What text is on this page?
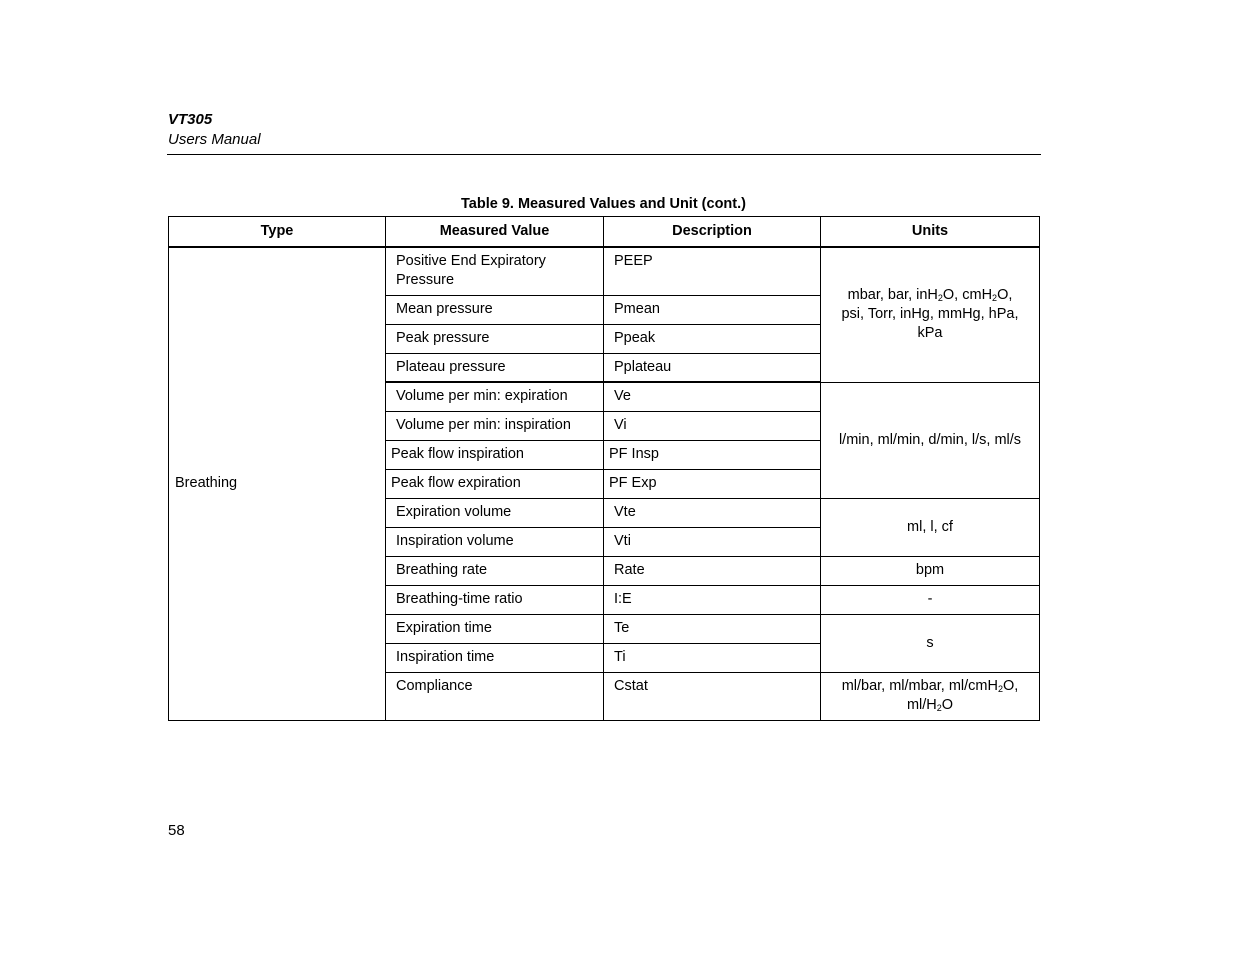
VT305
Users Manual
Table 9. Measured Values and Unit (cont.)
Type	Measured Value	Description	Units
Breathing	Positive End Expiratory Pressure	PEEP	mbar, bar, inH$_2$O, cmH$_2$O,
psi, Torr, inHg, mmHg, hPa,
kPa
	Mean pressure	Pmean	
	Peak pressure	Ppeak	
	Plateau pressure	Pplateau	
	Volume per min: expiration	Ve	l/min, ml/min, d/min, l/s, ml/s
	Volume per min: inspiration	Vi	
	Peak flow inspiration	PF Insp	
	Peak flow expiration	PF Exp	
	Expiration volume	Vte	ml, l, cf
	Inspiration volume	Vti	
	Breathing rate	Rate	bpm
	Breathing-time ratio	I:E	-
	Expiration time	Te	s
	Inspiration time	Ti	
	Compliance	Cstat	ml/bar, ml/mbar, ml/cmH$_2$O,
$ml/H_2O$
58
